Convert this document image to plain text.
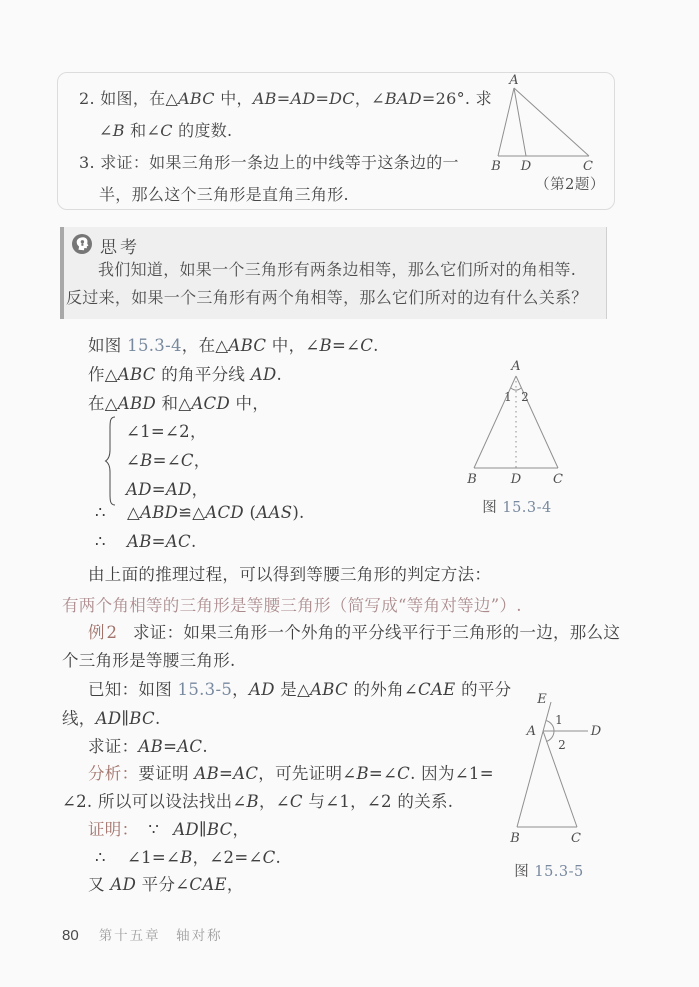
2. 如图，在△ABC 中，AB=AD=DC，∠BAD=26°. 求
∠B 和∠C 的度数.
3. 求证：如果三角形一条边上的中线等于这条边的一
半，那么这个三角形是直角三角形.
A
B D	C
（第2题）
思考
我们知道，如果一个三角形有两条边相等，那么它们所对的角相等.
反过来，如果一个三角形有两个角相等，那么它们所对的边有什么关系？
如图 15.3-4，在△ABC 中，∠B=∠C.
作△ABC 的角平分线 AD.
在△ABD 和△ACD 中，
∠1=∠2，
∠B=∠C，
AD=AD，
∴ △ABD≌△ACD (AAS).
∴ AB=AC.
由上面的推理过程，可以得到等腰三角形的判定方法：
有两个角相等的三角形是等腰三角形（简写成“等角对等边”）.
例2 求证：如果三角形一个外角的平分线平行于三角形的一边，那么这
个三角形是等腰三角形.
已知：如图 15.3-5，AD 是△ABC 的外角∠CAE 的平分
线，AD∥BC.
求证：AB=AC.
分析：要证明 AB=AC，可先证明∠B=∠C. 因为∠1=
∠2. 所以可以设法找出∠B，∠C 与∠1，∠2 的关系.
证明： ∵ AD∥BC，
∴ ∠1=∠B，∠2=∠C.
又 AD 平分∠CAE，
A
B	D C
1 2
图 15.3-4
E
A	D
B	C
1
2
图 15.3-5
80 第十五章　轴对称
